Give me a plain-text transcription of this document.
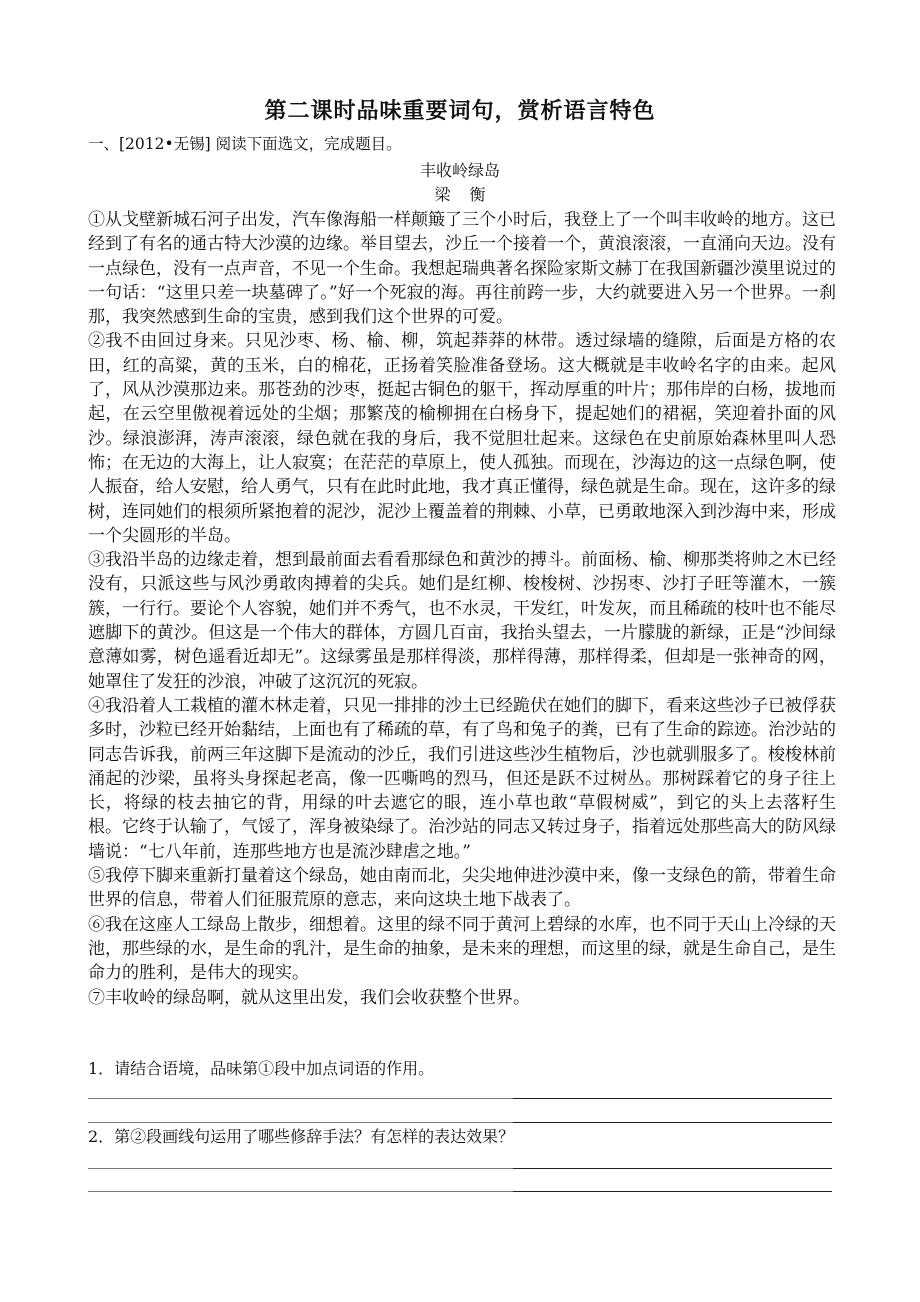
第二课时品味重要词句，赏析语言特色
一、[2012•无锡] 阅读下面选文，完成题目。
丰收岭绿岛
梁 衡

①从戈壁新城石河子出发，汽车像海船一样颠簸了三个小时后，我登上了一个叫丰收岭的地方。这已经到了有名的通古特大沙漠的边缘。举目望去，沙丘一个接着一个，黄浪滚滚，一直涌向天边。没有一点绿色，没有一点声音，不见一个生命。我想起瑞典著名探险家斯文赫丁在我国新疆沙漠里说过的一句话：“这里只差一块墓碑了。”好一个死寂的海。再往前跨一步，大约就要进入另一个世界。一刹那，我突然感到生命的宝贵，感到我们这个世界的可爱。

②我不由回过身来。只见沙枣、杨、榆、柳，筑起莽莽的林带。透过绿墙的缝隙，后面是方格的农田，红的高粱，黄的玉米，白的棉花，正扬着笑脸准备登场。这大概就是丰收岭名字的由来。起风了，风从沙漠那边来。那苍劲的沙枣，挺起古铜色的躯干，挥动厚重的叶片；那伟岸的白杨，拔地而起，在云空里傲视着远处的尘烟；那繁茂的榆柳拥在白杨身下，提起她们的裙裾，笑迎着扑面的风沙。绿浪澎湃，涛声滚滚，绿色就在我的身后，我不觉胆壮起来。这绿色在史前原始森林里叫人恐怖；在无边的大海上，让人寂寞；在茫茫的草原上，使人孤独。而现在，沙海边的这一点绿色啊，使人振奋，给人安慰，给人勇气，只有在此时此地，我才真正懂得，绿色就是生命。现在，这许多的绿树，连同她们的根须所紧抱着的泥沙，泥沙上覆盖着的荆棘、小草，已勇敢地深入到沙海中来，形成一个尖圆形的半岛。

③我沿半岛的边缘走着，想到最前面去看看那绿色和黄沙的搏斗。前面杨、榆、柳那类将帅之木已经没有，只派这些与风沙勇敢肉搏着的尖兵。她们是红柳、梭梭树、沙拐枣、沙打子旺等灌木，一簇簇，一行行。要论个人容貌，她们并不秀气，也不水灵，干发红，叶发灰，而且稀疏的枝叶也不能尽遮脚下的黄沙。但这是一个伟大的群体，方圆几百亩，我抬头望去，一片朦胧的新绿，正是“沙间绿意薄如雾，树色遥看近却无”。这绿雾虽是那样得淡，那样得薄，那样得柔，但却是一张神奇的网，她罩住了发狂的沙浪，冲破了这沉沉的死寂。

④我沿着人工栽植的灌木林走着，只见一排排的沙土已经跪伏在她们的脚下，看来这些沙子已被俘获多时，沙粒已经开始黏结，上面也有了稀疏的草，有了鸟和兔子的粪，已有了生命的踪迹。治沙站的同志告诉我，前两三年这脚下是流动的沙丘，我们引进这些沙生植物后，沙也就驯服多了。梭梭林前涌起的沙梁，虽将头身探起老高，像一匹嘶鸣的烈马，但还是跃不过树丛。那树踩着它的身子往上长，将绿的枝去抽它的背，用绿的叶去遮它的眼，连小草也敢“草假树威”，到它的头上去落籽生根。它终于认输了，气馁了，浑身被染绿了。治沙站的同志又转过身子，指着远处那些高大的防风绿墙说：“七八年前，连那些地方也是流沙肆虐之地。”

⑤我停下脚来重新打量着这个绿岛，她由南而北，尖尖地伸进沙漠中来，像一支绿色的箭，带着生命世界的信息，带着人们征服荒原的意志，来向这块土地下战表了。

⑥我在这座人工绿岛上散步，细想着。这里的绿不同于黄河上碧绿的水库，也不同于天山上冷绿的天池，那些绿的水，是生命的乳汁，是生命的抽象，是未来的理想，而这里的绿，就是生命自己，是生命力的胜利，是伟大的现实。

⑦丰收岭的绿岛啊，就从这里出发，我们会收获整个世界。

1．请结合语境，品味第①段中加点词语的作用。
2．第②段画线句运用了哪些修辞手法？有怎样的表达效果？
